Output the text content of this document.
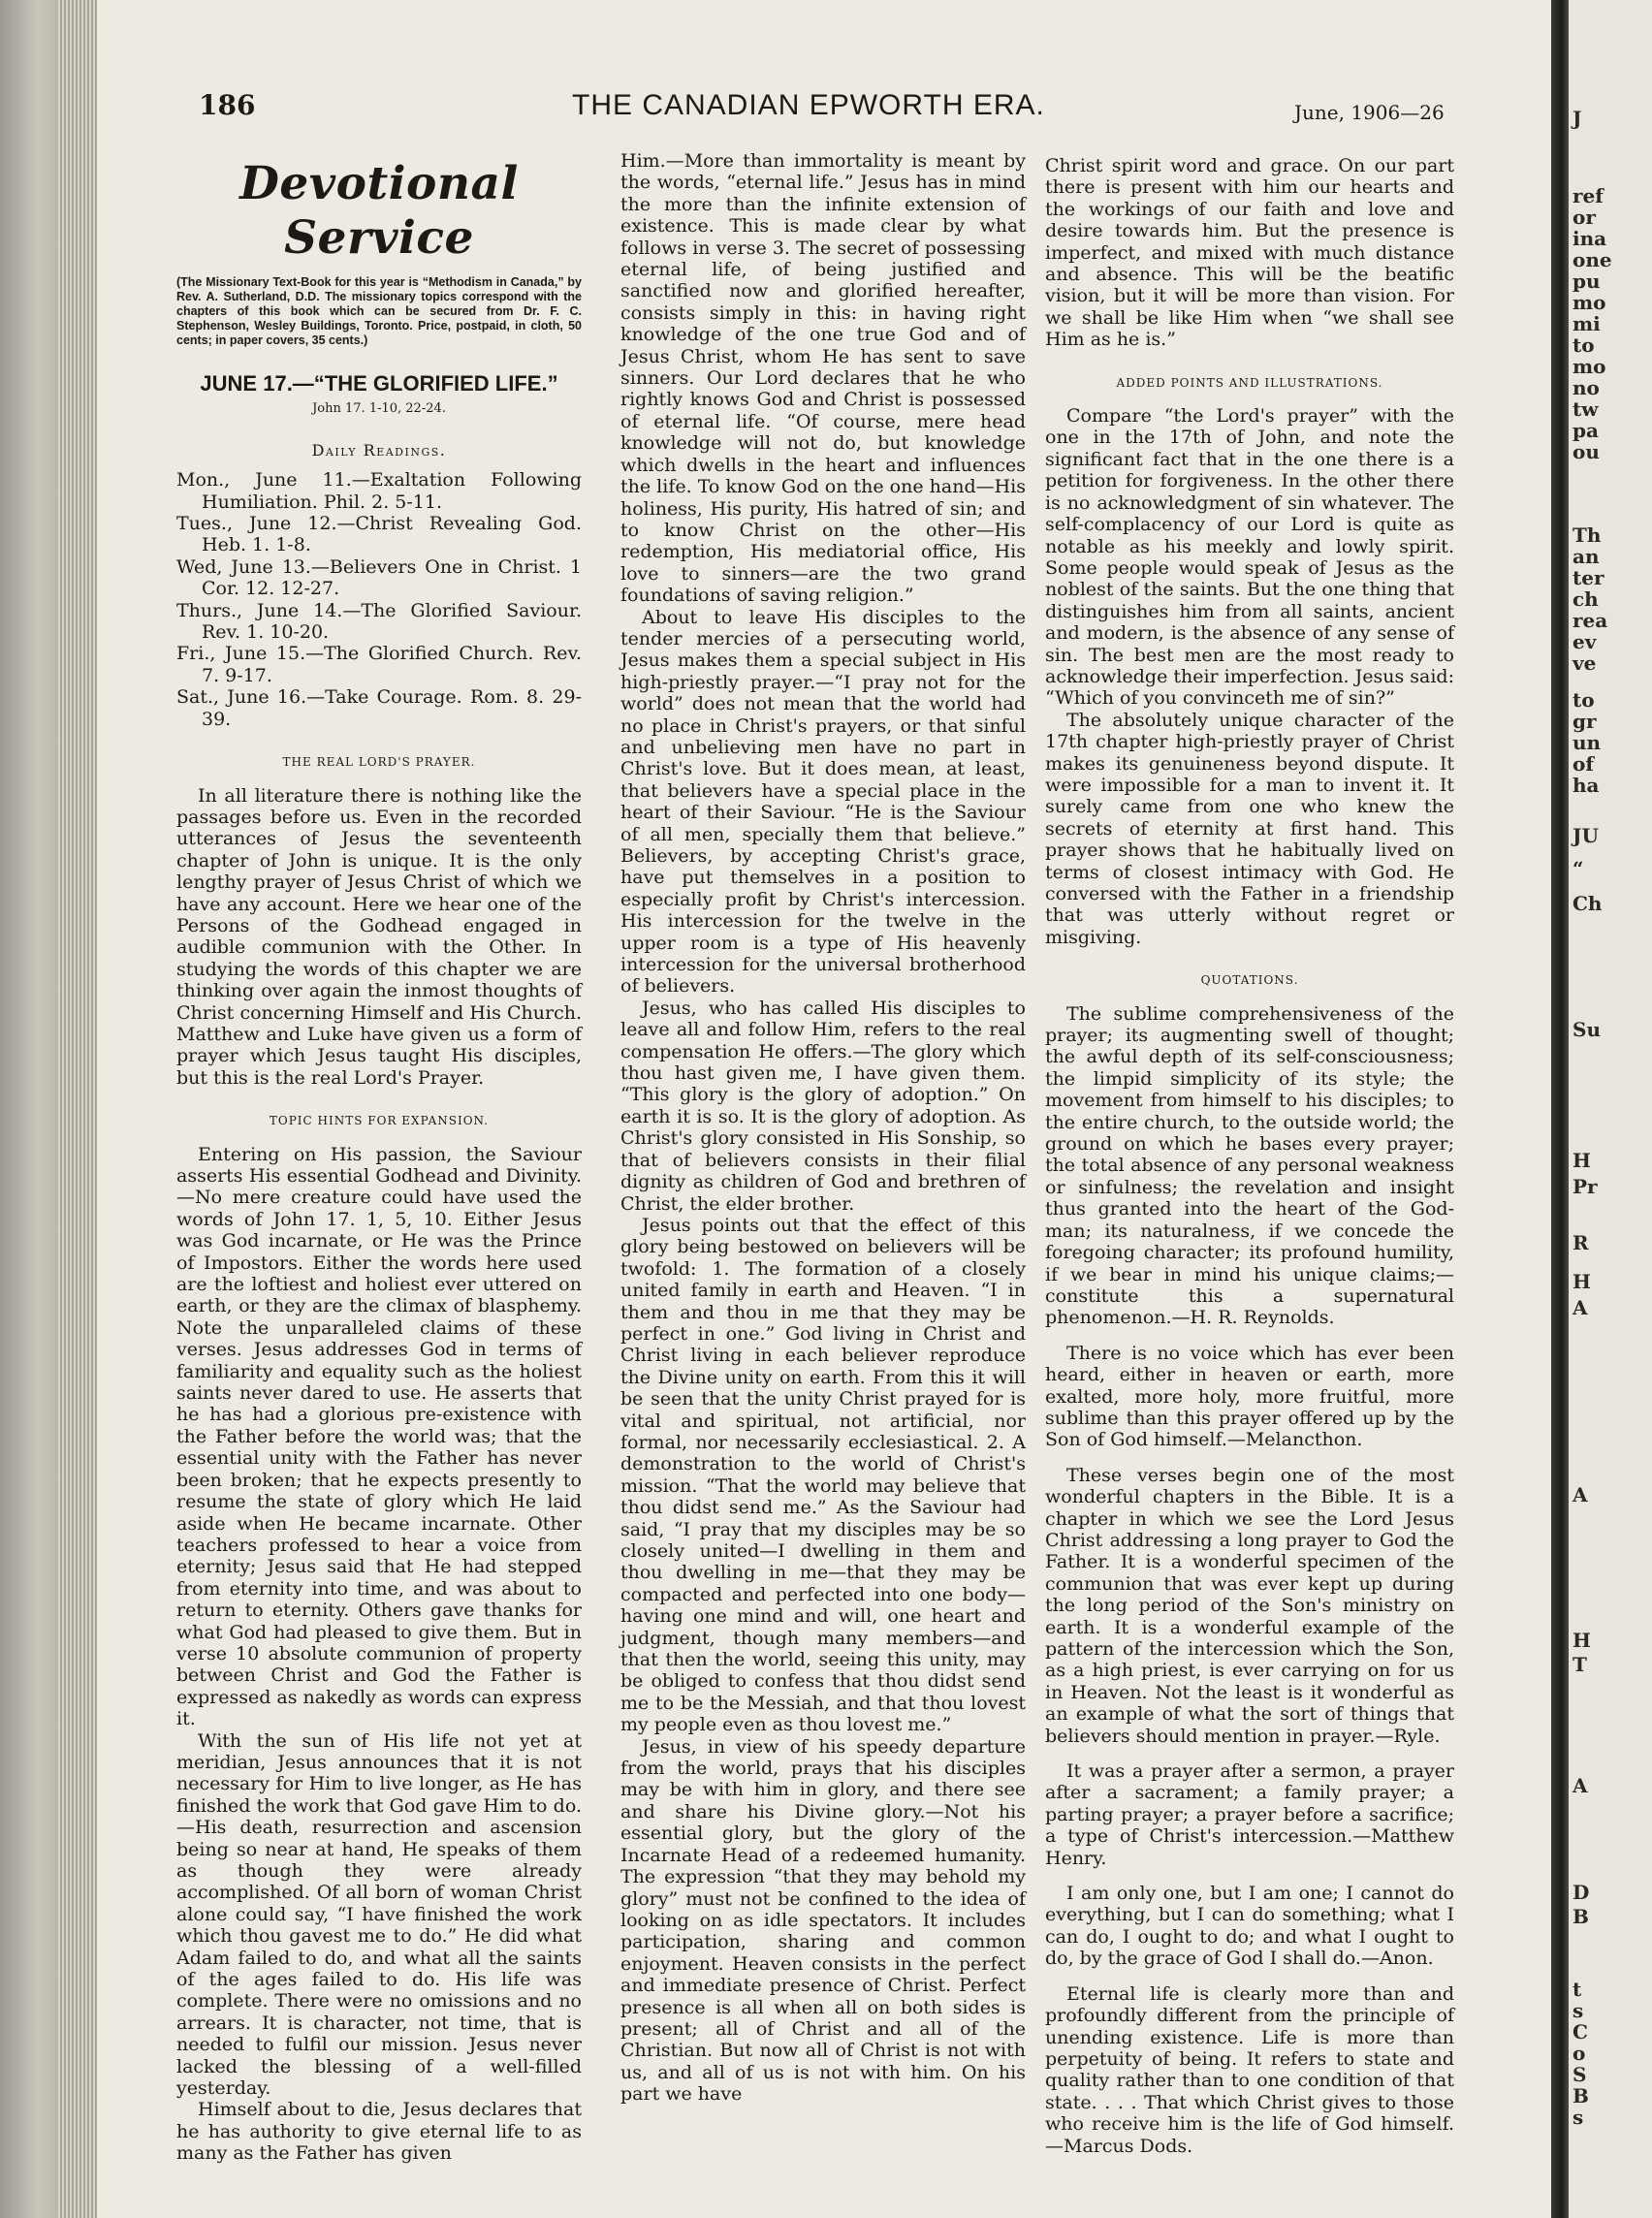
J
ref
or
ina
one
pu
mo
mi
to
mo
no
tw
pa
ou
Th
an
ter
ch
rea
ev
ve
to
gr
un
of
ha
JU
“
Ch
Su
H
Pr
R
H
A
A
H
T
A
D
B
t
s
C
o
S
B
s
186	THE CANADIAN EPWORTH ERA.	June, 1906—26
Devotional Service
(The Missionary Text-Book for this year is “Methodism in Canada,” by Rev. A. Sutherland, D.D. The missionary topics correspond with the chapters of this book which can be secured from Dr. F. C. Stephenson, Wesley Buildings, Toronto. Price, postpaid, in cloth, 50 cents; in paper covers, 35 cents.)
JUNE 17.—“THE GLORIFIED LIFE.”
John 17. 1-10, 22-24.
Daily Readings.
Mon., June 11.—Exaltation Following Humiliation. Phil. 2. 5-11.
Tues., June 12.—Christ Revealing God. Heb. 1. 1-8.
Wed, June 13.—Believers One in Christ. 1 Cor. 12. 12-27.
Thurs., June 14.—The Glorified Saviour. Rev. 1. 10-20.
Fri., June 15.—The Glorified Church. Rev. 7. 9-17.
Sat., June 16.—Take Courage. Rom. 8. 29-39.
THE REAL LORD'S PRAYER.

In all literature there is nothing like the passages before us. Even in the recorded utterances of Jesus the seventeenth chapter of John is unique. It is the only lengthy prayer of Jesus Christ of which we have any account. Here we hear one of the Persons of the Godhead engaged in audible communion with the Other. In studying the words of this chapter we are thinking over again the inmost thoughts of Christ concerning Himself and His Church. Matthew and Luke have given us a form of prayer which Jesus taught His disciples, but this is the real Lord's Prayer.

TOPIC HINTS FOR EXPANSION.

Entering on His passion, the Saviour asserts His essential Godhead and Divinity.—No mere creature could have used the words of John 17. 1, 5, 10. Either Jesus was God incarnate, or He was the Prince of Impostors. Either the words here used are the loftiest and holiest ever uttered on earth, or they are the climax of blasphemy. Note the unparalleled claims of these verses. Jesus addresses God in terms of familiarity and equality such as the holiest saints never dared to use. He asserts that he has had a glorious pre-existence with the Father before the world was; that the essential unity with the Father has never been broken; that he expects presently to resume the state of glory which He laid aside when He became incarnate. Other teachers professed to hear a voice from eternity; Jesus said that He had stepped from eternity into time, and was about to return to eternity. Others gave thanks for what God had pleased to give them. But in verse 10 absolute communion of property between Christ and God the Father is expressed as nakedly as words can express it.

With the sun of His life not yet at meridian, Jesus announces that it is not necessary for Him to live longer, as He has finished the work that God gave Him to do.—His death, resurrection and ascension being so near at hand, He speaks of them as though they were already accomplished. Of all born of woman Christ alone could say, “I have finished the work which thou gavest me to do.” He did what Adam failed to do, and what all the saints of the ages failed to do. His life was complete. There were no omissions and no arrears. It is character, not time, that is needed to fulfil our mission. Jesus never lacked the blessing of a well-filled yesterday.

Himself about to die, Jesus declares that he has authority to give eternal life to as many as the Father has given

Him.—More than immortality is meant by the words, “eternal life.” Jesus has in mind the more than the infinite extension of existence. This is made clear by what follows in verse 3. The secret of possessing eternal life, of being justified and sanctified now and glorified hereafter, consists simply in this: in having right knowledge of the one true God and of Jesus Christ, whom He has sent to save sinners. Our Lord declares that he who rightly knows God and Christ is possessed of eternal life. “Of course, mere head knowledge will not do, but knowledge which dwells in the heart and influences the life. To know God on the one hand—His holiness, His purity, His hatred of sin; and to know Christ on the other—His redemption, His mediatorial office, His love to sinners—are the two grand foundations of saving religion.”

About to leave His disciples to the tender mercies of a persecuting world, Jesus makes them a special subject in His high-priestly prayer.—“I pray not for the world” does not mean that the world had no place in Christ's prayers, or that sinful and unbelieving men have no part in Christ's love. But it does mean, at least, that believers have a special place in the heart of their Saviour. “He is the Saviour of all men, specially them that believe.” Believers, by accepting Christ's grace, have put themselves in a position to especially profit by Christ's intercession. His intercession for the twelve in the upper room is a type of His heavenly intercession for the universal brotherhood of believers.

Jesus, who has called His disciples to leave all and follow Him, refers to the real compensation He offers.—The glory which thou hast given me, I have given them. “This glory is the glory of adoption.” On earth it is so. It is the glory of adoption. As Christ's glory consisted in His Sonship, so that of believers consists in their filial dignity as children of God and brethren of Christ, the elder brother.

Jesus points out that the effect of this glory being bestowed on believers will be twofold: 1. The formation of a closely united family in earth and Heaven. “I in them and thou in me that they may be perfect in one.” God living in Christ and Christ living in each believer reproduce the Divine unity on earth. From this it will be seen that the unity Christ prayed for is vital and spiritual, not artificial, nor formal, nor necessarily ecclesiastical. 2. A demonstration to the world of Christ's mission. “That the world may believe that thou didst send me.” As the Saviour had said, “I pray that my disciples may be so closely united—I dwelling in them and thou dwelling in me—that they may be compacted and perfected into one body—having one mind and will, one heart and judgment, though many members—and that then the world, seeing this unity, may be obliged to confess that thou didst send me to be the Messiah, and that thou lovest my people even as thou lovest me.”

Jesus, in view of his speedy departure from the world, prays that his disciples may be with him in glory, and there see and share his Divine glory.—Not his essential glory, but the glory of the Incarnate Head of a redeemed humanity. The expression “that they may behold my glory” must not be confined to the idea of looking on as idle spectators. It includes participation, sharing and common enjoyment. Heaven consists in the perfect and immediate presence of Christ. Perfect presence is all when all on both sides is present; all of Christ and all of the Christian. But now all of Christ is not with us, and all of us is not with him. On his part we have

Christ spirit word and grace. On our part there is present with him our hearts and the workings of our faith and love and desire towards him. But the presence is imperfect, and mixed with much distance and absence. This will be the beatific vision, but it will be more than vision. For we shall be like Him when “we shall see Him as he is.”

ADDED POINTS AND ILLUSTRATIONS.

Compare “the Lord's prayer” with the one in the 17th of John, and note the significant fact that in the one there is a petition for forgiveness. In the other there is no acknowledgment of sin whatever. The self-complacency of our Lord is quite as notable as his meekly and lowly spirit. Some people would speak of Jesus as the noblest of the saints. But the one thing that distinguishes him from all saints, ancient and modern, is the absence of any sense of sin. The best men are the most ready to acknowledge their imperfection. Jesus said: “Which of you convinceth me of sin?”

The absolutely unique character of the 17th chapter high-priestly prayer of Christ makes its genuineness beyond dispute. It were impossible for a man to invent it. It surely came from one who knew the secrets of eternity at first hand. This prayer shows that he habitually lived on terms of closest intimacy with God. He conversed with the Father in a friendship that was utterly without regret or misgiving.

QUOTATIONS.

The sublime comprehensiveness of the prayer; its augmenting swell of thought; the awful depth of its self-consciousness; the limpid simplicity of its style; the movement from himself to his disciples; to the entire church, to the outside world; the ground on which he bases every prayer; the total absence of any personal weakness or sinfulness; the revelation and insight thus granted into the heart of the God-man; its naturalness, if we concede the foregoing character; its profound humility, if we bear in mind his unique claims;—constitute this a supernatural phenomenon.—H. R. Reynolds.

There is no voice which has ever been heard, either in heaven or earth, more exalted, more holy, more fruitful, more sublime than this prayer offered up by the Son of God himself.—Melancthon.

These verses begin one of the most wonderful chapters in the Bible. It is a chapter in which we see the Lord Jesus Christ addressing a long prayer to God the Father. It is a wonderful specimen of the communion that was ever kept up during the long period of the Son's ministry on earth. It is a wonderful example of the pattern of the intercession which the Son, as a high priest, is ever carrying on for us in Heaven. Not the least is it wonderful as an example of what the sort of things that believers should mention in prayer.—Ryle.

It was a prayer after a sermon, a prayer after a sacrament; a family prayer; a parting prayer; a prayer before a sacrifice; a type of Christ's intercession.—Matthew Henry.

I am only one, but I am one; I cannot do everything, but I can do something; what I can do, I ought to do; and what I ought to do, by the grace of God I shall do.—Anon.

Eternal life is clearly more than and profoundly different from the principle of unending existence. Life is more than perpetuity of being. It refers to state and quality rather than to one condition of that state. . . . That which Christ gives to those who receive him is the life of God himself.—Marcus Dods.
